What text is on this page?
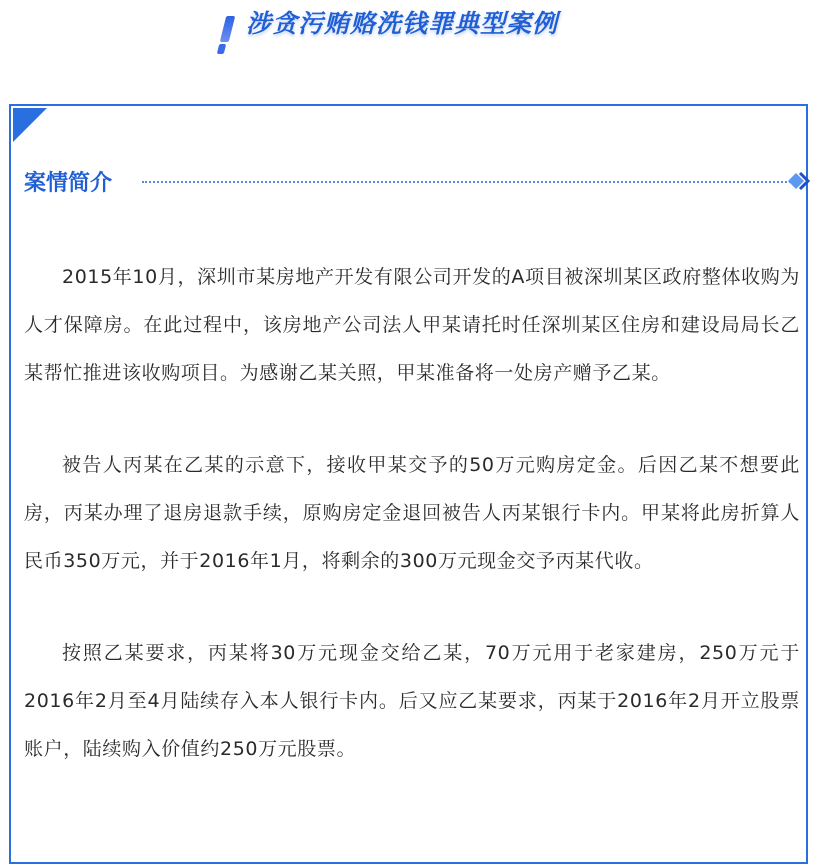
涉贪污贿赂洗钱罪典型案例
案情简介

2015年10月，深圳市某房地产开发有限公司开发的A项目被深圳某区政府整体收购为人才保障房。在此过程中，该房地产公司法人甲某请托时任深圳某区住房和建设局局长乙某帮忙推进该收购项目。为感谢乙某关照，甲某准备将一处房产赠予乙某。

被告人丙某在乙某的示意下，接收甲某交予的50万元购房定金。后因乙某不想要此房，丙某办理了退房退款手续，原购房定金退回被告人丙某银行卡内。甲某将此房折算人民币350万元，并于2016年1月，将剩余的300万元现金交予丙某代收。

按照乙某要求，丙某将30万元现金交给乙某，70万元用于老家建房，250万元于2016年2月至4月陆续存入本人银行卡内。后又应乙某要求，丙某于2016年2月开立股票账户，陆续购入价值约250万元股票。
